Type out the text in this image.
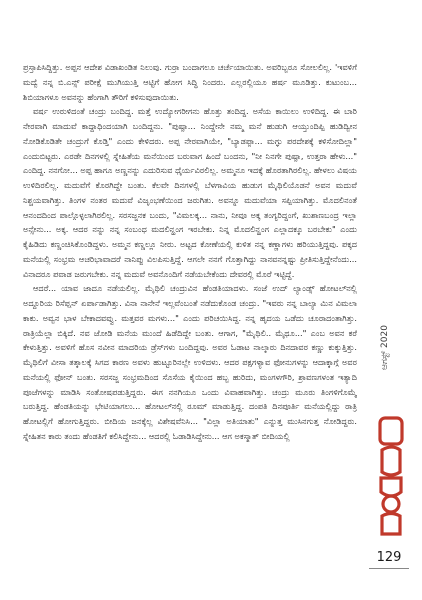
ಪ್ರಸ್ತಾಪಿಸಿದ್ದಿತ್ತು. ಅಪ್ಪನ ಆದೇಶ ವಿಡಾಖಂಡಿತ ನಿಲುವು. ಗುರ್ರಾ ಬಂದಾಗಲೂ ಚರ್ಚೆಯಾಯಿತು. ಅವರಿಬ್ಬರೂ ಸೋಲಲಿಲ್ಲ. 'ಇವಳಿಗೆ ಮದ್ವೆ ನನ್ನ ಬಿ.ಎನ್ಸ್ ಪರೀಕ್ಷೆ ಮುಗಿಯುತ್ತಿ ಆಟ್ಟಿಗೆ ಹೋಗ ಸಿದ್ಧಿ ನಿಂದರು. ಎಲ್ಲರಲ್ಲಿಯೂ ಹರ್ಷ ಮೂಡಿತ್ತು. ಕುಟುಂಬ... ಶಿಬಿಯಾಗಳೂ ಅವನನ್ನು ಹೆಂಗಾಗಿ ತೌರಿಗೆ ಕಳಿಸುವುದಾಯಿತು.

ವರ್ಷ ಉರುಳಿದಂತೆ ಚಂದ್ರು ಬಂದಿದ್ದ. ಮತ್ತೆ ಉದ್ಯೋಗರೀಗನು ಹೊತ್ತು ತಂದಿದ್ದ. ಅಸೆಯ ಕಾಯಿಲು ಉಳಿದಿದ್ದ. ಈ ಬಾರಿ ನೇರವಾಗಿ ಮಾದುವೆ ಕಾದ್ದಾಧಿಂದಯಾಗಿ ಬಂದಿದ್ದನು. "ಪುಷ್ಪಾ... ನಿಂದ್ದೇನೇ ನಮ್ಮ ಮನೆ ಹುಡುಗಿ ಆಯ್ತುಂದಿಪ್ಪಿ ಹುಡಿದ್ವೀನ ನೋಡಿಕೊಡಿತೇ ಚಂದ್ರುಗೆ ಕೊಡ್ತಿ" ಎಂದು ಕೇಳಿದರು. ಅಪ್ಪ ನೇರವಾಗಿಯೇ, "ಬ್ಯಾಡಪ್ಪಾ... ಮಗ್ಳು ಪರದೇಶಕ್ಕೆ ಕಳಿಸೋದಿಲ್ಲಾ" ಎಂದುಬಿಟ್ಟರು. ಎರಡೇ ದಿನಗಳಲ್ಲಿ ಸ್ನೇಹಿತೆಯ ಮನೆಯಿಂದ ಬರುವಾಗ ಹಿಂದೆ ಬಂದನು, "ನೀ ನಿನಗೇ ಪುಷ್ಪಾ, ಉತ್ತರಾ ಹೇಳು..." ಎಂದಿದ್ದ. ನನಗೋ... ಅಪ್ಪ ಹಾಗೂ ಅಣ್ಣನನ್ನು ಎದುರಿಸುವ ಧೈರ್ಯವಿರಲಿಲ್ಲ. ಅಮ್ಮನೂ ಇದಕ್ಕೆ ಹೊರತಾಗಿರಲಿಲ್ಲ. ಹೇಳಲು ವಿಷಯ ಉಳಿದಿರಲಿಲ್ಲ. ಮದುವೆಗೆ ಕೊರಗಿದ್ದೇ ಬಂತು. ಕೆಲವೇ ದಿನಗಳಲ್ಲಿ ಬೆಳಗಾವಿಯ ಹುಡುಗ ಮೈಥಿಲಿಯೊಡನೆ ಅವನ ಮದುವೆ ನಿಶ್ಚಯವಾಗಿತ್ತು. ತಿಂಗಳ ನಂತರ ಮದುವೆ ವಿಜೃಂಭಣೆಯಿಂದ ಜರುಗಿತು. ಅವನ್ನೂ ಮದುವೆಯಾ ಸಪ್ಪಿಯಾಗಿತ್ತು. ಮೊದಲಿನಂತೆ ಆನಂದದಿಂದ ಪಾಲ್ಗೊಳ್ಳಲಾಗಿರಲಿಲ್ಲ. ಸರಸಜ್ಜನಕ ಬಂದು, "ವಿಮಲಕ್ಕ... ನಾನು, ನೀವೂ ಅಕ್ಕ ತಂಗ್ಯರಿದ್ದಂಗೆ, ಖುಶಾಣಬಂದ್ರ ಇಲ್ಲಾ ಅನ್ಸೇನು... ಅಕ್ಕ. ಆದರ ನನ್ನು ನನ್ನ ಸಂಬಂಧ ಮದಲಿನ್ಹಂಗ ಇರಬೇಕು. ನಿನ್ನ ಮೊದಲಿನ್ಹಂಗ ಎಲ್ಲಾದಕ್ಕೂ ಬರಬೇಕು" ಎಂದು ಕೈಹಿಡಿದು ಕಣ್ಣಂಚಿಸಿಕೊಂಡಿದ್ದಳು. ಅಮ್ಮನ ಕಣ್ಣಲ್ಲೂ ನೀರು. ಅಟ್ಟದ ಕೋಣೆಯಲ್ಲಿ ಕುಳಿತ ನನ್ನ ಕಣ್ಣಾಗಳು ಹರಿಯುತ್ತಿದ್ದವು. ಪಕ್ಕದ ಮನೆಯಲ್ಲಿ ಸಂಭ್ರಮ ಆಚರಿಭಾವಾದರೆ ನಾನಿಪ್ಪು ವಿಲಪಿಸುತ್ತಿದ್ದೆ. ಆಗಲೇ ನನಗೆ ಗೊತ್ತಾಗಿದ್ದು ನಾನವನನ್ನಷ್ಟು ಪ್ರೀತಿಸುತ್ತಿದ್ದೇನೆಂದು... ವಿನಾದರೂ ಪವಾಡ ಜರುಗಬೇಕು. ನನ್ನ ಮದುವೆ ಅವನೊಂದಿಗೆ ನಡೆಯಬೇಕೆಂದು ದೇವರಲ್ಲಿ ಮೊರೆ ಇಟ್ಟಿದ್ದೆ.

ಆದರೆ... ಯಾವ ಜಾದೂ ನಡೆಯಲಿಲ್ಲ. ಮೈಥಿಲಿ ಚಂದ್ರುವಿನ ಹೆಂಡತಿಯಾದಳು. ಸಂಜೆ ಉದ್ ಲ್ಯಾಂಡ್ಸ್ ಹೋಟಲ್‍ನಲ್ಲಿ ಅದ್ದೂರಿಯ ರಿಸೆಪ್ಷನ್ ಏರ್ಪಾಡಾಗಿತ್ತು. ವಿನಾ ನಾನೇನೆ ಇಲ್ಲವೆಂಬಂತೆ ನಡೆದುಕೊಂಡ ಚಂದ್ರು. "ಇವರು ನನ್ನ ಬಾಲ್ಯಾ ಮಿನ ವಿಮಲಾ ಕಾಕು. ಅವ್ವನ ಭಾಳ ಬೇಕಾದವವ್ವು. ಮತ್ತವರ ಮಗಳು..." ಎಂದು ಪರಿಚಯಿಸಿದ್ದ. ನನ್ನ ಹೃದಯ ಒಡೆದು ಚೂರಾದಂತಾಗಿತ್ತು. ರಾತ್ರಿಯೆಲ್ಲಾ ಬಿಕ್ಕಿದೆ. ನವ ಜೋಡಿ ಮನೆಯ ಮುಂದೆ ಹಿಡೆದಿದ್ದೇ ಬಂತು. ಆಗಾಗ, "ಮೈಥಿಲಿ.. ಮೈಥೂ..." ಎಂಬ ಅವನ ಕರೆ ಕೇಳುತ್ತಿತ್ತು. ಅವಳಿಗೆ ಹೊಸ ನವೀನ ಮಾದರಿಯ ಡ್ರೆಸ್‌ಗಳು ಬಂದಿದ್ದವು. ಅವರ ಓಡಾಟ ನಾಲ್ಕಾರು ದಿನದಾವರ ಕಣ್ಣು ಕುಕ್ಕುತ್ತಿತ್ತು. ಮೈಥಿಲಿಗೆ ವೀಸಾ ತತ್ಕಾಲಕ್ಕೆ ಸಿಗದ ಕಾರಣ ಅವಳು ಹುಟ್ಟೂರಿನಲ್ಲೇ ಉಳಿದಳು. ಆದರ ಪಕ್ಷಗಳ್ಯಾವ ಫೋನುಗಳನ್ನು ಆದಾಕ್ಕಾಗ್ಗೆ ಅವರ ಮನೆಯಲ್ಲಿ ಫೋನ್ ಬಂತು. ಸರಸಜ್ಜ ಸಂಭ್ರಮದಿಂದ ಸೊಸೆಯ ಕೈಯಿಂದ ಹಬ್ಬ ಹುರಿದು, ಮಂಗಳಗೌರಿ, ಶ್ರಾವಣಗಳಂತ ಇತ್ಯಾದಿ ಪೂಜೆಗಳನ್ನು ಮಾಡಿಸಿ ಸಂತೋಷಪಡುತ್ತಿದ್ದರು. ಈಗ ನನಗಿಯೂ ಒಂದು ವಿವಾಹವಾಗಿತ್ತು. ಚಂದ್ರು ಮೂರು ತಿಂಗಳಿಗೊಮ್ಮೆ ಬರುತ್ತಿದ್ದ. ಹೆಂಡತಿಯನ್ನು ಭೇಟಿಯಾಗಲು... ಹೋಟಲ್‍ನಲ್ಲಿ ರೂಮ್ ಮಾಡುತ್ತಿದ್ದ. ದಂಪತಿ ದಿನಪೂರ್ತಿ ಮನೆಯಲ್ಲಿದ್ದು ರಾತ್ರಿ ಹೋಟಲ್ಲಿಗೆ ಹೋಗುತ್ತಿದ್ದರು. ಬೀದಿಯ ಜನಕ್ಕೆಲ್ಲ ವಿಶೇಷವೆನಿಸಿ... "ವಿಲ್ಲಾ ಅತಿಯಾತು" ಎನ್ನುತ್ತ ಮುಸಿನಗುತ್ತ ನೋಡಿದ್ದರು. ಸ್ನೇಹಿತನ ಕಾರು ತಂದು ಹೆಂಡತಿಗೆ ಕಲಿಸಿದ್ದೇನು... ಆದರಲ್ಲಿ ಓಡಾಡಿಸಿದ್ದೇನು... ಆಗ ಅಕಸ್ಮಾತ್ ಬೀದಿಯಲ್ಲಿ

ಆಗಸ್ಟ್ 2020
129
